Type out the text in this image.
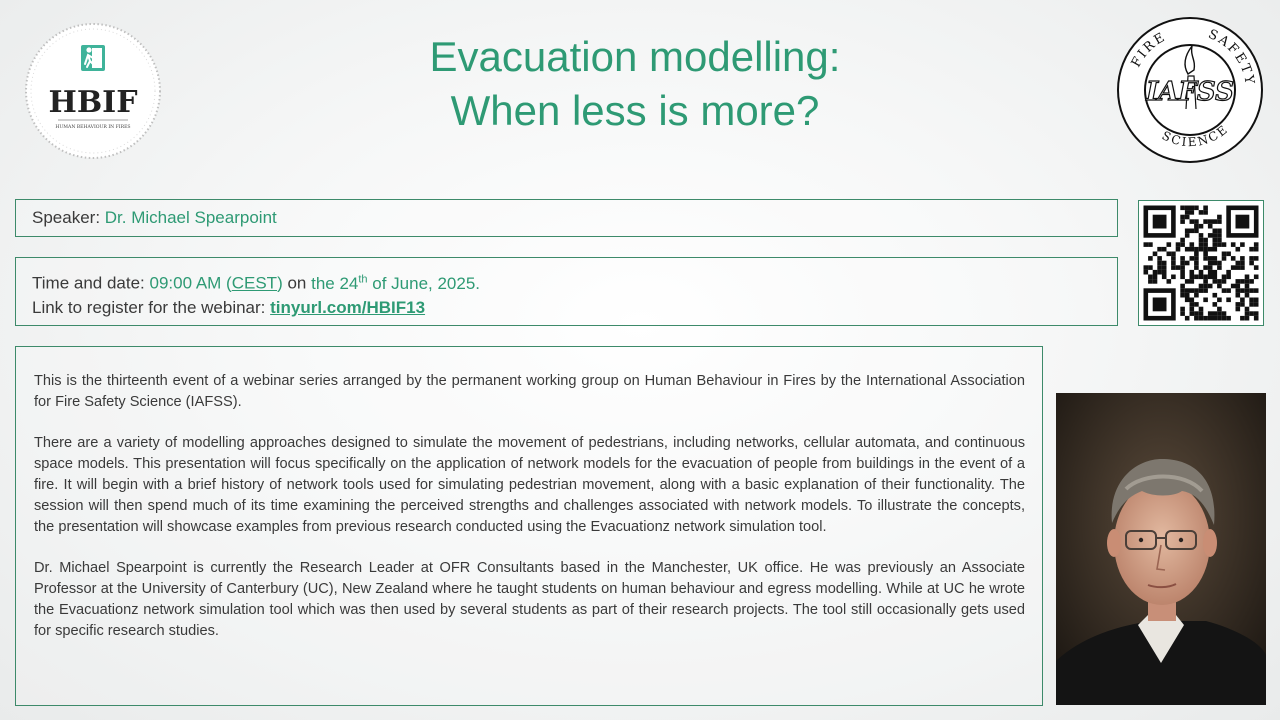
HBIF
HUMAN BEHAVIOUR IN FIRES
Evacuation modelling:
When less is more?
FIRE	SAFETY
SCIENCE
IAFSS
Speaker: Dr. Michael Spearpoint
Time and date: 09:00 AM (CEST) on the 24th of June, 2025.
Link to register for the webinar: tinyurl.com/HBIF13

This is the thirteenth event of a webinar series arranged by the permanent working group on Human Behaviour in Fires by the International Association for Fire Safety Science (IAFSS).

There are a variety of modelling approaches designed to simulate the movement of pedestrians, including networks, cellular automata, and continuous space models. This presentation will focus specifically on the application of network models for the evacuation of people from buildings in the event of a fire. It will begin with a brief history of network tools used for simulating pedestrian movement, along with a basic explanation of their functionality. The session will then spend much of its time examining the perceived strengths and challenges associated with network models. To illustrate the concepts, the presentation will showcase examples from previous research conducted using the Evacuationz network simulation tool.

Dr. Michael Spearpoint is currently the Research Leader at OFR Consultants based in the Manchester, UK office. He was previously an Associate Professor at the University of Canterbury (UC), New Zealand where he taught students on human behaviour and egress modelling. While at UC he wrote the Evacuationz network simulation tool which was then used by several students as part of their research projects. The tool still occasionally gets used for specific research studies.
